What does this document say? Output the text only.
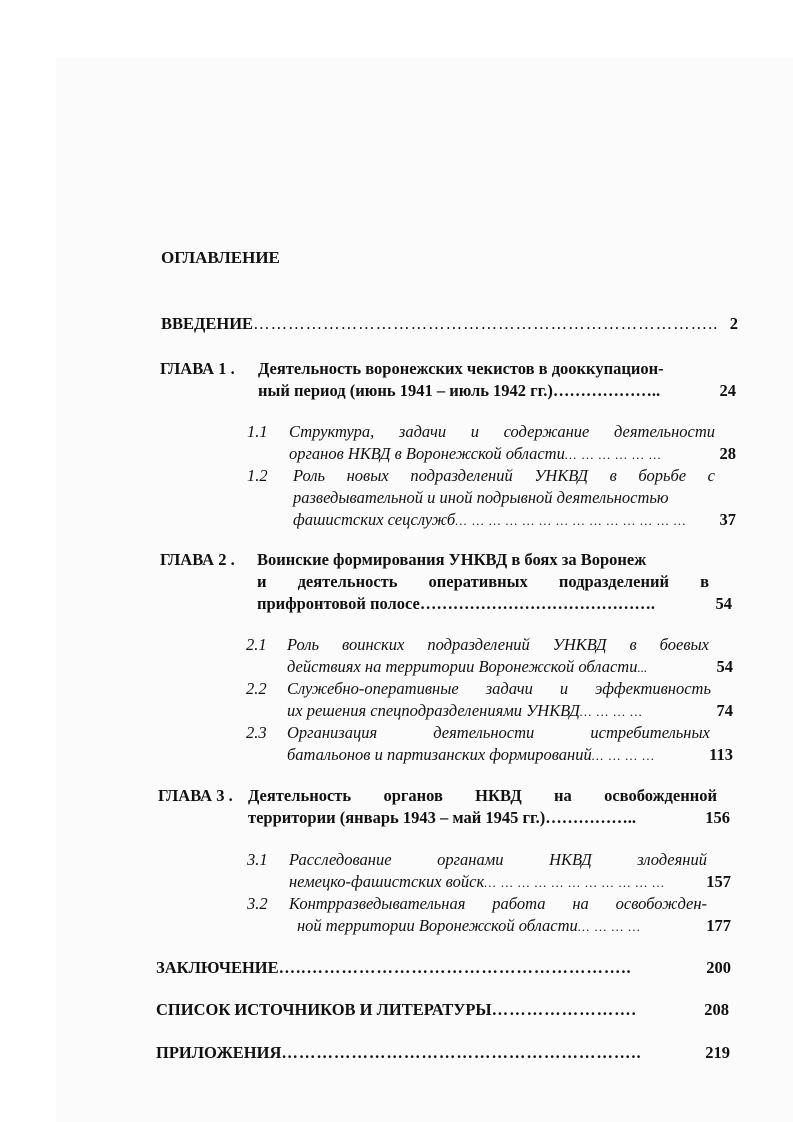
ОГЛАВЛЕНИЕ
ВВЕДЕНИЕ …………………………………………………………………….. 2
ГЛАВА 1 . Деятельность воронежских чекистов в дооккупацион-
ный период (июнь 1941 – июль 1942 гг.)………………..	24
1.1 Структура, задачи и содержание деятельности
органов НКВД в Воронежской области ... … … … … …	28
1.2 Роль новых подразделений УНКВД в борьбе с
разведывательной и иной подрывной деятельностью
фашистских сецслужб ... … … … … … … … … … … … … …	37
ГЛАВА 2 . Воинские формирования УНКВД в боях за Воронеж
и деятельность оперативных подразделений в
прифронтовой полосе…………………………………….	54
2.1 Роль воинских подразделений УНКВД в боевых
действиях на территории Воронежской области ...	54
2.2 Служебно-оперативные задачи и эффективность
их решения спецподразделениями УНКВД … … … …	74
2.3 Организация деятельности истребительных
батальонов и партизанских формирований ... … … …	113
ГЛАВА 3 . Деятельность органов НКВД на освобожденной
территории (январь 1943 – май 1945 гг.)……………..	156
3.1 Расследование органами НКВД злодеяний
немецко-фашистских войск ... … … … … … … … … … …	157
3.2 Контрразведывательная работа на освобожден-
ной территории Воронежской области ... … … …	177
ЗАКЛЮЧЕНИЕ …..………………………………………………..	200
СПИСОК ИСТОЧНИКОВ И ЛИТЕРАТУРЫ …………………….	208
ПРИЛОЖЕНИЯ ……………………………………………………..	219
